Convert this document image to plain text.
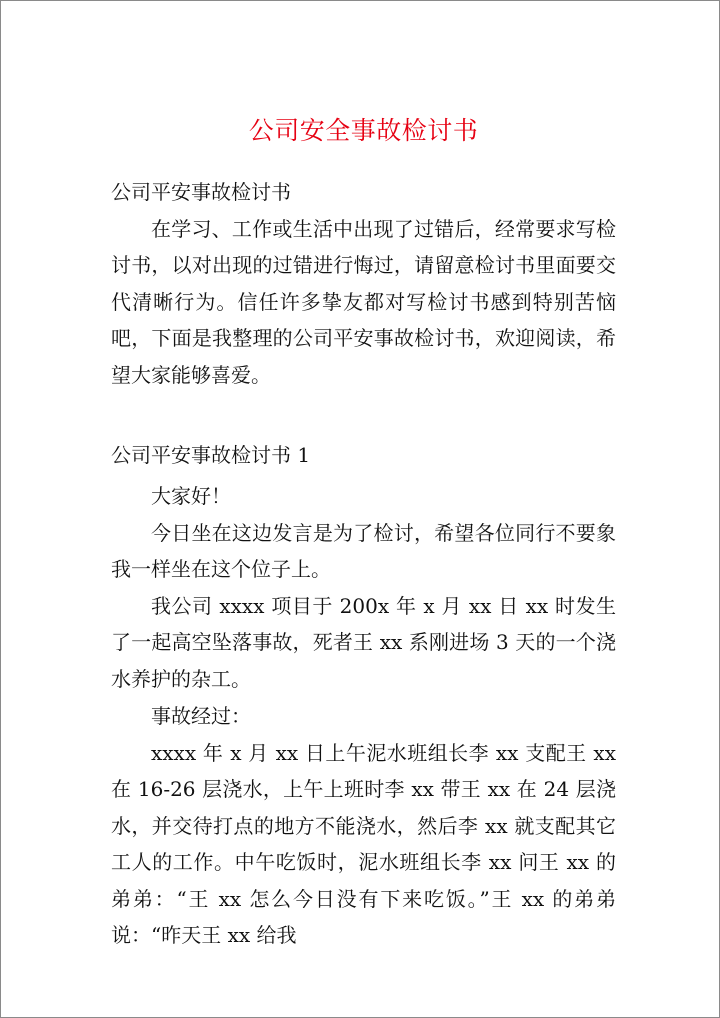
公司安全事故检讨书
公司平安事故检讨书
在学习、工作或生活中出现了过错后，经常要求写检讨书，以对出现的过错进行悔过，请留意检讨书里面要交代清晰行为。信任许多挚友都对写检讨书感到特别苦恼吧，下面是我整理的公司平安事故检讨书，欢迎阅读，希望大家能够喜爱。
公司平安事故检讨书 1
大家好！
今日坐在这边发言是为了检讨，希望各位同行不要象我一样坐在这个位子上。
我公司 xxxx 项目于 200x 年 x 月 xx 日 xx 时发生了一起高空坠落事故，死者王 xx 系刚进场 3 天的一个浇水养护的杂工。
事故经过：
xxxx 年 x 月 xx 日上午泥水班组长李 xx 支配王 xx 在 16-26 层浇水，上午上班时李 xx 带王 xx 在 24 层浇水，并交待打点的地方不能浇水，然后李 xx 就支配其它工人的工作。中午吃饭时，泥水班组长李 xx 问王 xx 的弟弟：“王 xx 怎么今日没有下来吃饭。”王 xx 的弟弟说：“昨天王 xx 给我
